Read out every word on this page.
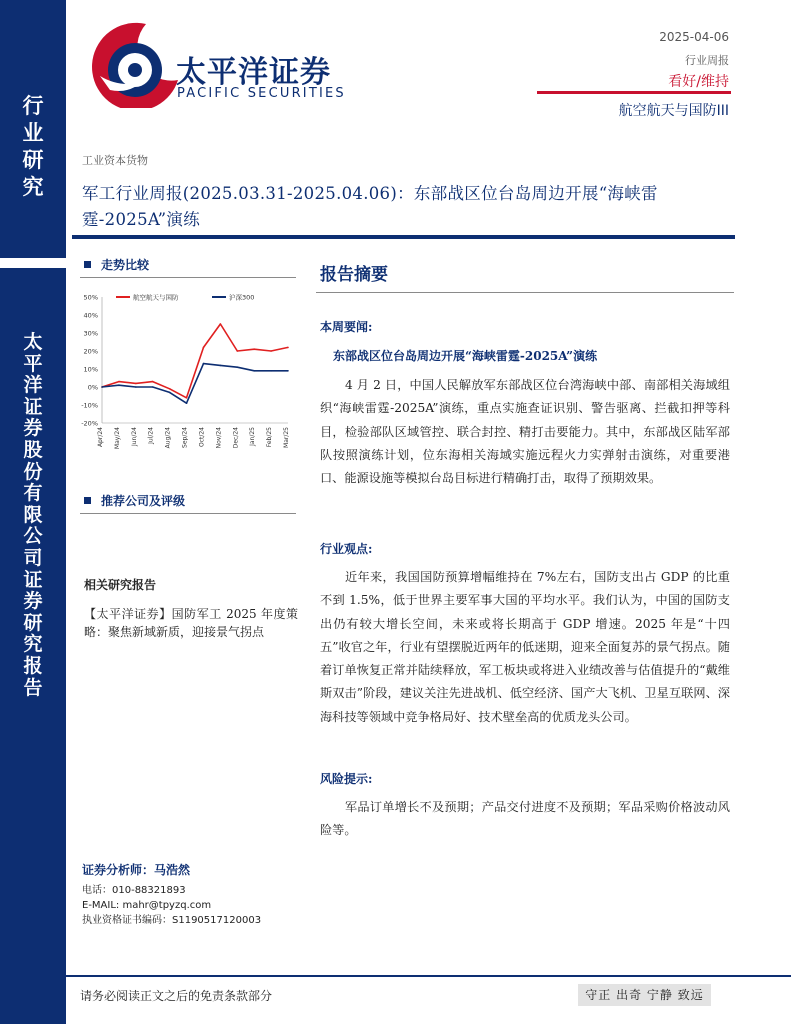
行
业
研
究
太
平
洋
证
券
股
份
有
限
公
司
证
券
研
究
报
告
太平洋证券
PACIFIC SECURITIES
2025-04-06
行业周报
看好/维持
航空航天与国防III
工业资本货物
军工行业周报(2025.03.31-2025.04.06)：东部战区位台岛周边开展“海峡雷霆-2025A”演练
走势比较
50%
40%
30%
20%
10%
0%
-10%
-20%
Apr/24 May/24 Jun/24 Jul/24 Aug/24 Sep/24 Oct/24 Nov/24 Dec/24 Jan/25 Feb/25 Mar/25
航空航天与国防	沪深300
推荐公司及评级
相关研究报告
【太平洋证券】国防军工 2025 年度策略：聚焦新域新质，迎接景气拐点
证券分析师：马浩然
电话：010-88321893
E-MAIL: mahr@tpyzq.com
执业资格证书编码：S1190517120003
报告摘要
本周要闻:
东部战区位台岛周边开展“海峡雷霆-2025A”演练
4 月 2 日，中国人民解放军东部战区位台湾海峡中部、南部相关海域组织“海峡雷霆-2025A”演练，重点实施查证识别、警告驱离、拦截扣押等科目，检验部队区域管控、联合封控、精打击要能力。其中，东部战区陆军部队按照演练计划，位东海相关海域实施远程火力实弹射击演练，对重要港口、能源设施等模拟台岛目标进行精确打击，取得了预期效果。
行业观点:
近年来，我国国防预算增幅维持在 7%左右，国防支出占 GDP 的比重不到 1.5%，低于世界主要军事大国的平均水平。我们认为，中国的国防支出仍有较大增长空间，未来或将长期高于 GDP 增速。2025 年是“十四五”收官之年，行业有望摆脱近两年的低迷期，迎来全面复苏的景气拐点。随着订单恢复正常并陆续释放，军工板块或将进入业绩改善与估值提升的“戴维斯双击”阶段，建议关注先进战机、低空经济、国产大飞机、卫星互联网、深海科技等领域中竞争格局好、技术壁垒高的优质龙头公司。
风险提示:
军品订单增长不及预期；产品交付进度不及预期；军品采购价格波动风险等。
请务必阅读正文之后的免责条款部分	守正 出奇 宁静 致远
